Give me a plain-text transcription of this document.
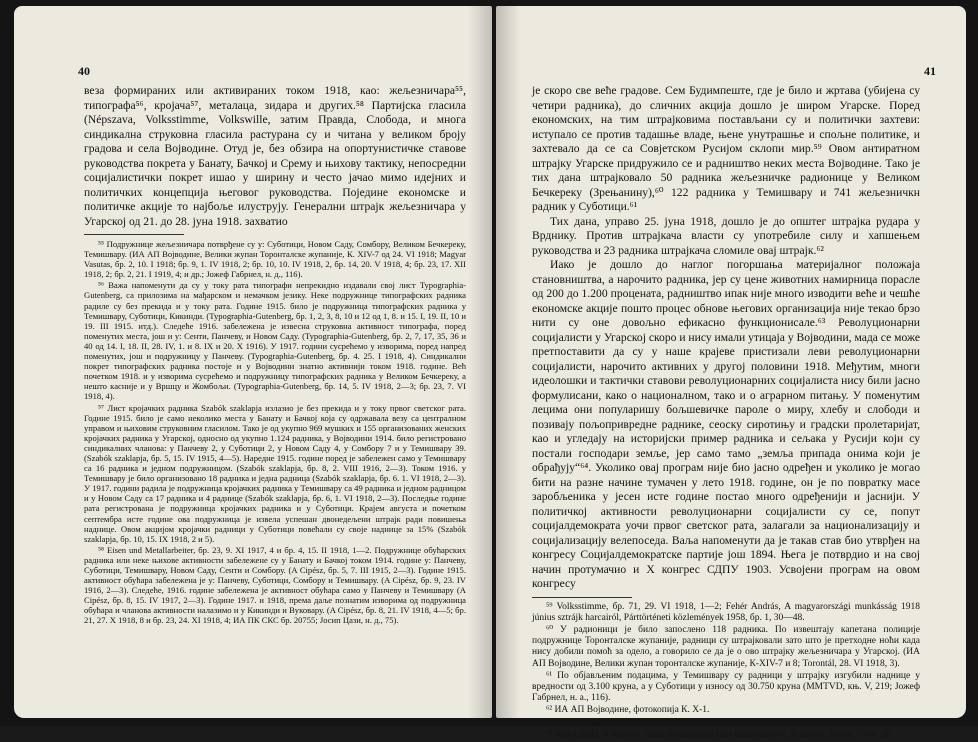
40

веза формираних или активираних током 1918, као: жељезничара⁵⁵, типографа⁵⁶, кројача⁵⁷, металаца, зидара и других.⁵⁸ Партијска гласила (Népszava, Volksstimme, Volkswille, затим Правда, Слобода, и многа синдикална струковна гласила растурана су и читана у великом броју градова и села Војводине. Отуд је, без обзира на опортунистичке ставове руководства покрета у Банату, Бачкој и Срему и њихову тактику, непосредни социјалистички покрет ишао у ширину и често јачао мимо идејних и политичких концепција његовог руководства. Поједине економске и политичке акције то најбоље илуструју. Генерални штрајк жељезничара у Угарској од 21. до 28. јуна 1918. захватио

⁵⁵ Подружнице жељезничара потврђене су у: Суботици, Новом Саду, Сомбору, Великом Бечкереку, Темишвару. (ИА АП Војводине, Велики жупан Торонталске жупаније, К. XIV-7 од 24. VI 1918; Magyar Vasutas, бр. 2, 10. I 1918; бр. 9, 1. IV 1918, 2; бр. 10, 10. IV 1918, 2, бр. 14, 20. V 1918, 4; бр. 23, 17. XII 1918, 2; бр. 2, 21. I 1919, 4; и др.; Јожеф Габрнел, н. д., 116).

⁵⁶ Важа напоменути да су у току рата типографи непрекидно издавали свој лист Typographia-Gutenberg, са прилозима на мађарском и немачком језику. Неке подружнице типографских радника радиле су без прекида и у току рата. Године 1915. било је подружница типографских радника у Темишвару, Суботици, Кикинди. (Typographia-Gutenberg, бр. 1, 2, 3, 8, 10 и 12 од 1, 8. и 15. I, 19. II, 10 и 19. III 1915. итд.). Следеће 1916. забележена је извесна струковна активност типографа, поред поменутих места, још и у: Сенти, Панчеву, и Новом Саду. (Typographia-Gutenberg, бр. 2, 7, 17, 35, 36 и 40 од 14. I, 18. II, 28. IV, 1. и 8. IX и 20. X 1916). У 1917. години сусрећемо у изворима, поред напред поменутих, још и подружницу у Панчеву. (Typographia-Gutenberg, бр. 4. 25. I 1918, 4). Синдикални покрет типографских радника постоје и у Војводини знатно активнији током 1918. године. Већ почетком 1918. и у изворима сусрећемо и подружницу типографских радника у Великом Бечкереку, а нешто касније и у Вршцу и Жомбољи. (Typographia-Gutenberg, бр. 14, 5. IV 1918, 2—3; бр. 23, 7. VI 1918, 4).

⁵⁷ Лист кројачких радника Szabók szaklapja излазио је без прекида и у току првог светског рата. Године 1915. било је само неколико места у Банату и Бачкој која су одржавала везу са централном управом и њиховим струковним гласилом. Тако је од укупно 969 мушких и 155 организованих женских кројачких радника у Угарској, односно од укупно 1.124 радника, у Војводини 1914. било регистровано синдикалних чланова: у Панчеву 2, у Суботици 2, у Новом Саду 4, у Сомбору 7 и у Темишвару 39. (Szabók szaklapja, бр. 5, 15. IV 1915, 4—5). Наредне 1915. године поред је забележен само у Темишвару са 16 радника и једном подружницом. (Szabók szaklapja, бр. 8, 2. VIII 1916, 2—3). Током 1916. у Темишвару је било организовано 18 радника и једна радница (Szabók szaklapja, бр. 6. 1. VI 1918, 2—3). У 1917. години радила је подружница кројачких радника у Темишвару са 49 радника и једном радницом и у Новом Саду са 17 радника и 4 раднице (Szabók szaklapja, бр. 6, 1. VI 1918, 2—3). Последње године рата регистрована је подружница кројачких радника и у Суботици. Крајем августа и почетком септембра исте године ова подружница је извела успешан двонедељени штрајк ради повишења наднице. Овом акцијом кројачки радници у Суботици повећали су своје наднице за 15% (Szabók szaklapja, бр. 10, 15. IX 1918, 2 и 5).

⁵⁸ Eisen und Metallarbeiter, бр. 23, 9. XI 1917, 4 и бр. 4, 15. II 1918, 1—2. Подружнице обућарских радника или неке њихове активности забележене су у Банату и Бачкој током 1914. године у: Панчеву, Суботици, Темишвару, Новом Саду, Сенти и Сомбору. (A Cipész, бр. 5, 7. III 1915, 2—3). Године 1915. активност обућара забележена је у: Панчеву, Суботици, Сомбору и Темишвару. (A Cipész, бр. 9, 23. IV 1916, 2—3). Следеће, 1916. године забележена је активност обућара само у Панчеву и Темишвару (A Cipész, бр. 8, 15. IV 1917, 2—3). Године 1917. и 1918, према даље познатим изворима од подружница обућара и чланова активности налазимо и у Кикинди и Вуковару. (A Cipész, бр. 8, 21. IV 1918, 4—5; бр. 21, 27. X 1918, 8 и бр. 23, 24. XI 1918, 4; ИА ПК СКС бр. 20755; Јосип Цази, н. д., 75).

41

је скоро све веће градове. Сем Будимпеште, где је било и жртава (убијена су четири радника), до сличних акција дошло је широм Угарске. Поред економских, на тим штрајковима постављани су и политички захтеви: иступало се против тадашње владе, њене унутрашње и спољне политике, и захтевало да се са Совјетском Русијом склопи мир.⁵⁹ Овом антиратном штрајку Угарске придружило се и радништво неких места Војводине. Тако је тих дана штрајковало 50 радника жељезничке радионице у Великом Бечкереку (Зрењанину),⁶⁰ 122 радника у Темишвару и 741 жељезничкн радник у Суботици.⁶¹

Тих дана, управо 25. јуна 1918, дошло је до општег штрајка рудара у Врднику. Против штрајкача власти су употребиле силу и хапшењем руководства и 23 радника штрајкача сломиле овај штрајк.⁶²

Иако је дошло до наглог погоршања материјалног положаја становништва, а нарочито радника, јер су цене животних намирница порасле од 200 до 1.200 процената, радништво ипак није много изводити веће и чешће економске акције пошто процес обнове његових организација није текао брзо нити су оне довољно ефикасно функционисале.⁶³ Револуционарни социјалисти у Угарској скоро и нису имали утицаја у Војводини, мада се може претпоставити да су у наше крајеве пристизали леви револуционарни социјалисти, нарочито активних у другој половини 1918. Међутим, многи идеолошки и тактички ставови револуционарних социјалиста нису били јасно формулисани, како о националном, тако и о аграрном питању. У поменутим лецима они популаришу бољшевичке пароле о миру, хлебу и слободи и позивају пољопривредне раднике, сеоску сиротињу и градски пролетаријат, као и угледају на историјски пример радника и сељака у Русији који су постали господари земље, јер само тамо „земља припада онима који је обрађују“⁶⁴. Уколико овај програм није био јасно одређен и уколико је могао бити на разне начине тумачен у лето 1918. године, он је по повратку масе заробљеника у јесен исте године постао много одређенији и јаснији. У политичкој активности револуционарни социјалисти су се, попут социјалдемократа уочи првог светског рата, залагали за национализацију и социјализацију велепоседа. Ваља напоменути да је такав став био утврђен на конгресу Социјалдемократске партије још 1894. Њега је потврдио и на свој начин протумачио и X конгрес СДПУ 1903. Усвојени програм на овом конгресу

⁵⁹ Volksstimme, бр. 71, 29. VI 1918, 1—2; Fehér András, A magyarországi munkásság 1918 június sztrájk harcairól, Párttörténeti közlemények 1958, бр. 1, 30—48.

⁶⁰ У радионици је било запослено 118 радника. По извештају капетана полиције подружнице Торонталске жупаније, радници су штрајковали зато што је претходне ноћи када нису добили помоћ за оделo, а говорило се да је о ово штрајку жељезничара у Угарској. (ИА АП Војводине, Велики жупан торонталске жупаније, К-XIV-7 и 8; Torontál, 28. VI 1918, 3).

⁶¹ По објављеним подацима, у Темишвару су радници у штрајку изгубили наднице у вредности од 3.100 круна, а у Суботици у износу од 30.750 круна (MMTVD, књ. V, 219; Јожеф Габрнел, н. а., 116).

⁶² ИА АП Војводине, фотокопија К. X-1.

⁶³ Fehér András, н. д., 30.

⁶⁴ Réti László, A Magyar Tanácsköztársaság hási küzdelmeiből, Budapest Szikra, 1954, 26.
